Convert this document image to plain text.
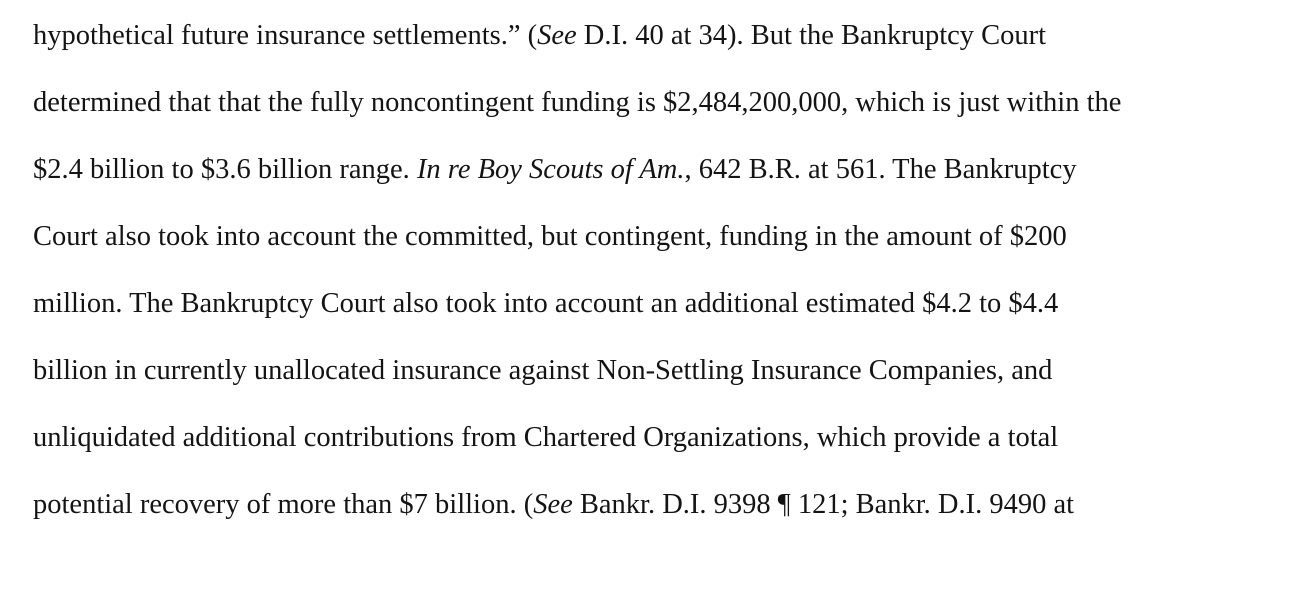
hypothetical future insurance settlements.” (See D.I. 40 at 34). But the Bankruptcy Court

determined that that the fully noncontingent funding is $2,484,200,000, which is just within the

$2.4 billion to $3.6 billion range. In re Boy Scouts of Am., 642 B.R. at 561. The Bankruptcy

Court also took into account the committed, but contingent, funding in the amount of $200

million. The Bankruptcy Court also took into account an additional estimated $4.2 to $4.4

billion in currently unallocated insurance against Non-Settling Insurance Companies, and

unliquidated additional contributions from Chartered Organizations, which provide a total

potential recovery of more than $7 billion. (See Bankr. D.I. 9398 ¶ 121; Bankr. D.I. 9490 at
